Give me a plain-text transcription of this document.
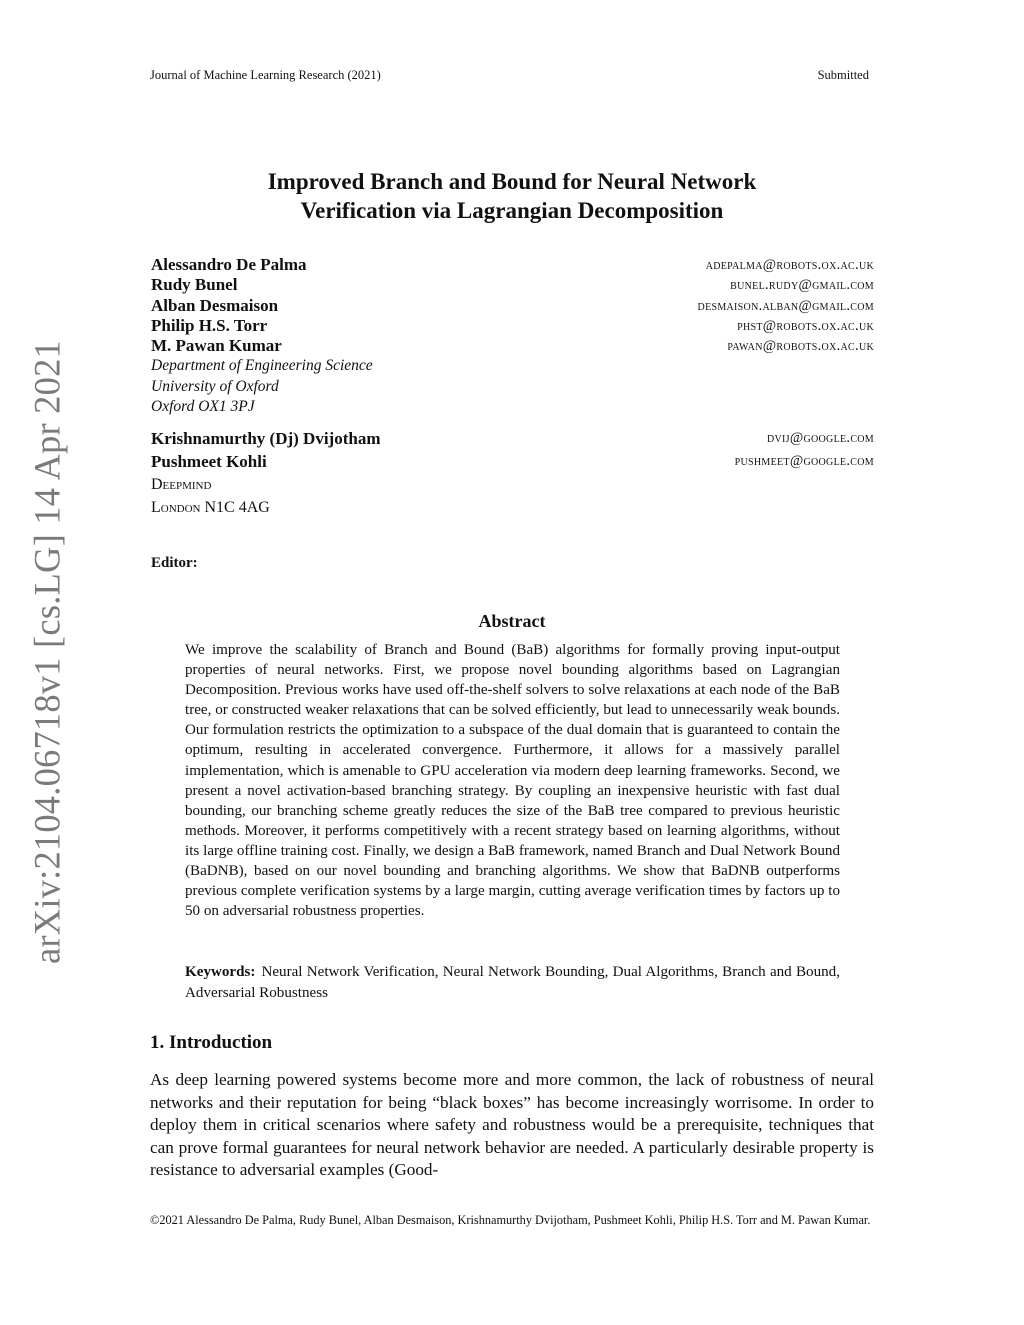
Journal of Machine Learning Research (2021)	Submitted
arXiv:2104.06718v1 [cs.LG] 14 Apr 2021
Improved Branch and Bound for Neural Network
Verification via Lagrangian Decomposition
Alessandro De Palma	adepalma@robots.ox.ac.uk
Rudy Bunel	bunel.rudy@gmail.com
Alban Desmaison	desmaison.alban@gmail.com
Philip H.S. Torr	phst@robots.ox.ac.uk
M. Pawan Kumar	pawan@robots.ox.ac.uk
Department of Engineering Science
University of Oxford
Oxford OX1 3PJ
Krishnamurthy (Dj) Dvijotham	dvij@google.com
Pushmeet Kohli	pushmeet@google.com
Deepmind
London N1C 4AG
Editor:
Abstract
We improve the scalability of Branch and Bound (BaB) algorithms for formally proving input-output properties of neural networks. First, we propose novel bounding algorithms based on Lagrangian Decomposition. Previous works have used off-the-shelf solvers to solve relaxations at each node of the BaB tree, or constructed weaker relaxations that can be solved efficiently, but lead to unnecessarily weak bounds. Our formulation restricts the optimization to a subspace of the dual domain that is guaranteed to contain the optimum, resulting in accelerated convergence. Furthermore, it allows for a massively parallel implementation, which is amenable to GPU acceleration via modern deep learning frameworks. Second, we present a novel activation-based branching strategy. By coupling an inexpensive heuristic with fast dual bounding, our branching scheme greatly reduces the size of the BaB tree compared to previous heuristic methods. Moreover, it performs competitively with a recent strategy based on learning algorithms, without its large offline training cost. Finally, we design a BaB framework, named Branch and Dual Network Bound (BaDNB), based on our novel bounding and branching algorithms. We show that BaDNB outperforms previous complete verification systems by a large margin, cutting average verification times by factors up to 50 on adversarial robustness properties.
Keywords: Neural Network Verification, Neural Network Bounding, Dual Algorithms, Branch and Bound, Adversarial Robustness
1. Introduction
As deep learning powered systems become more and more common, the lack of robustness of neural networks and their reputation for being “black boxes” has become increasingly worrisome. In order to deploy them in critical scenarios where safety and robustness would be a prerequisite, techniques that can prove formal guarantees for neural network behavior are needed. A particularly desirable property is resistance to adversarial examples (Good-
©2021 Alessandro De Palma, Rudy Bunel, Alban Desmaison, Krishnamurthy Dvijotham, Pushmeet Kohli, Philip H.S. Torr and M. Pawan Kumar.
